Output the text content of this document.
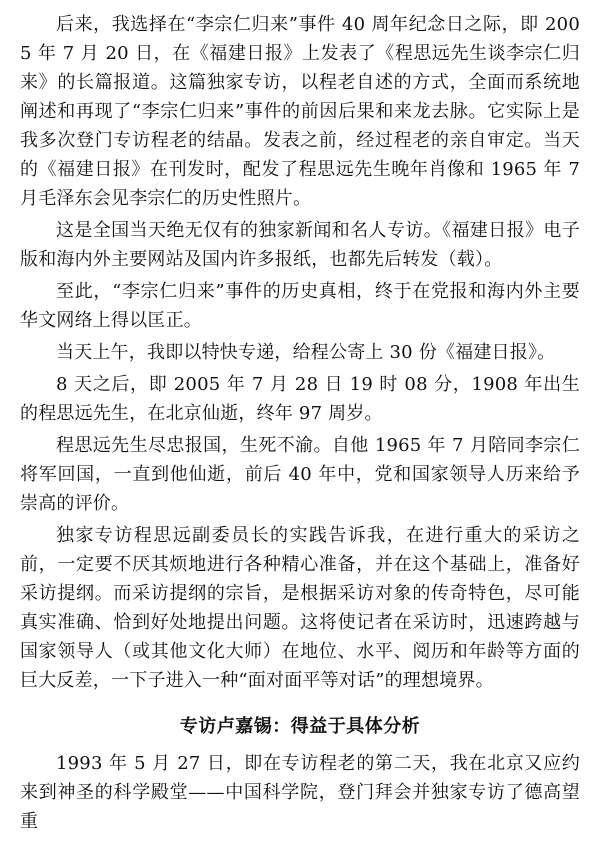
后来，我选择在“李宗仁归来”事件 40 周年纪念日之际，即 2005 年 7 月 20 日，在《福建日报》上发表了《程思远先生谈李宗仁归来》的长篇报道。这篇独家专访，以程老自述的方式，全面而系统地阐述和再现了“李宗仁归来”事件的前因后果和来龙去脉。它实际上是我多次登门专访程老的结晶。发表之前，经过程老的亲自审定。当天的《福建日报》在刊发时，配发了程思远先生晚年肖像和 1965 年 7 月毛泽东会见李宗仁的历史性照片。

这是全国当天绝无仅有的独家新闻和名人专访。《福建日报》电子版和海内外主要网站及国内许多报纸，也都先后转发（载）。

至此，“李宗仁归来”事件的历史真相，终于在党报和海内外主要华文网络上得以匡正。

当天上午，我即以特快专递，给程公寄上 30 份《福建日报》。

8 天之后，即 2005 年 7 月 28 日 19 时 08 分，1908 年出生的程思远先生，在北京仙逝，终年 97 周岁。

程思远先生尽忠报国，生死不渝。自他 1965 年 7 月陪同李宗仁将军回国，一直到他仙逝，前后 40 年中，党和国家领导人历来给予崇高的评价。

独家专访程思远副委员长的实践告诉我，在进行重大的采访之前，一定要不厌其烦地进行各种精心准备，并在这个基础上，准备好采访提纲。而采访提纲的宗旨，是根据采访对象的传奇特色，尽可能真实准确、恰到好处地提出问题。这将使记者在采访时，迅速跨越与国家领导人（或其他文化大师）在地位、水平、阅历和年龄等方面的巨大反差，一下子进入一种“面对面平等对话”的理想境界。

专访卢嘉锡：得益于具体分析

1993 年 5 月 27 日，即在专访程老的第二天，我在北京又应约来到神圣的科学殿堂——中国科学院，登门拜会并独家专访了德高望重
